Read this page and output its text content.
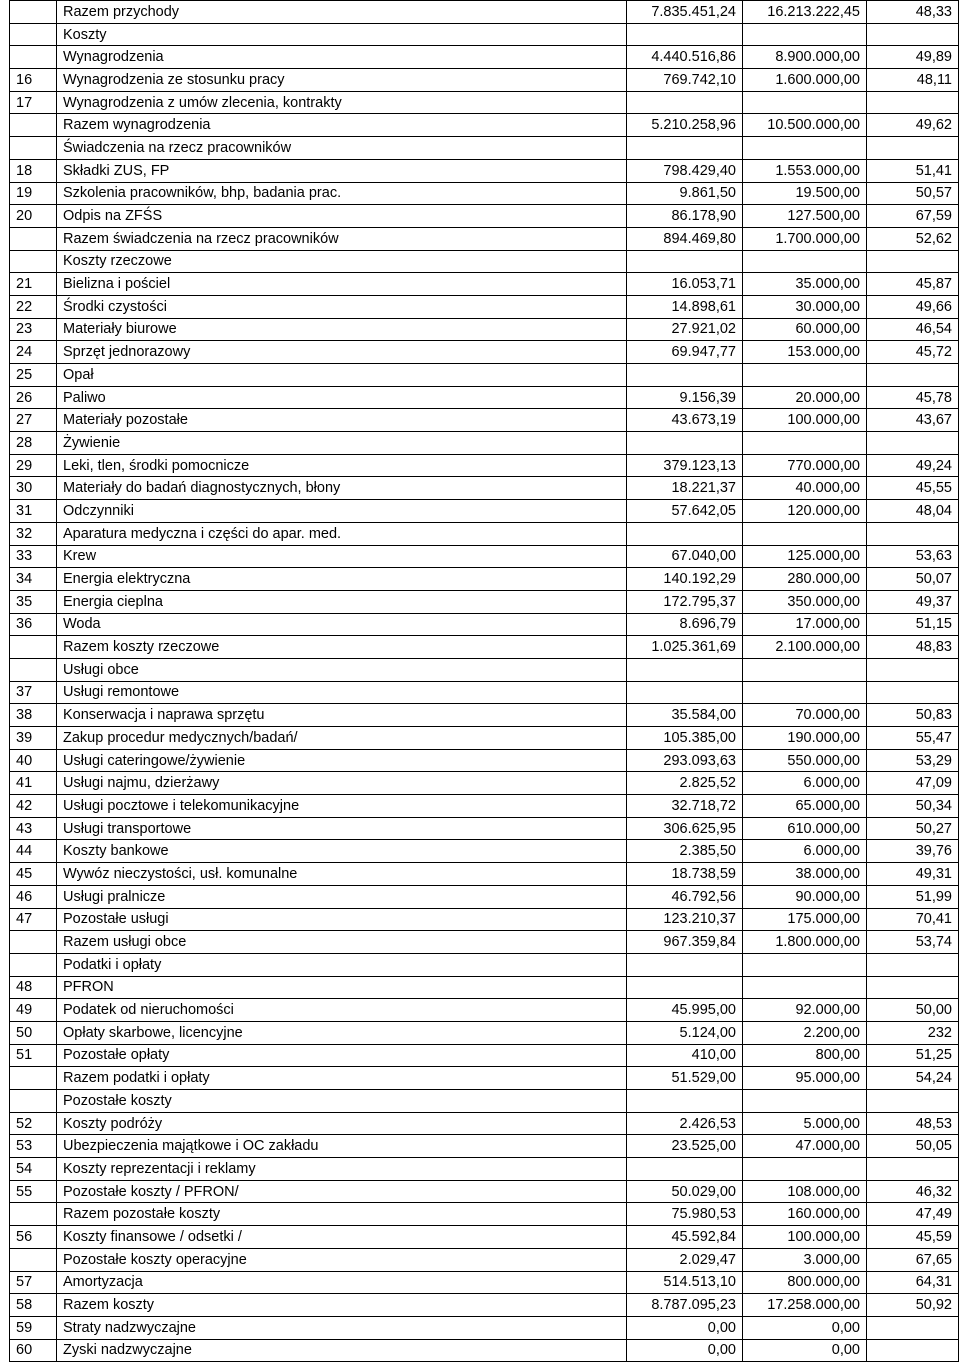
	Razem przychody	7.835.451,24	16.213.222,45	48,33
	Koszty			
	Wynagrodzenia	4.440.516,86	8.900.000,00	49,89
16	Wynagrodzenia ze stosunku pracy	769.742,10	1.600.000,00	48,11
17	Wynagrodzenia z umów zlecenia, kontrakty			
	Razem wynagrodzenia	5.210.258,96	10.500.000,00	49,62
	Świadczenia na rzecz pracowników			
18	Składki ZUS, FP	798.429,40	1.553.000,00	51,41
19	Szkolenia pracowników, bhp, badania prac.	9.861,50	19.500,00	50,57
20	Odpis na ZFŚS	86.178,90	127.500,00	67,59
	Razem świadczenia na rzecz pracowników	894.469,80	1.700.000,00	52,62
	Koszty rzeczowe			
21	Bielizna i pościel	16.053,71	35.000,00	45,87
22	Środki czystości	14.898,61	30.000,00	49,66
23	Materiały biurowe	27.921,02	60.000,00	46,54
24	Sprzęt jednorazowy	69.947,77	153.000,00	45,72
25	Opał			
26	Paliwo	9.156,39	20.000,00	45,78
27	Materiały pozostałe	43.673,19	100.000,00	43,67
28	Żywienie			
29	Leki, tlen, środki pomocnicze	379.123,13	770.000,00	49,24
30	Materiały do badań diagnostycznych, błony	18.221,37	40.000,00	45,55
31	Odczynniki	57.642,05	120.000,00	48,04
32	Aparatura medyczna i części do apar. med.			
33	Krew	67.040,00	125.000,00	53,63
34	Energia elektryczna	140.192,29	280.000,00	50,07
35	Energia cieplna	172.795,37	350.000,00	49,37
36	Woda	8.696,79	17.000,00	51,15
	Razem koszty rzeczowe	1.025.361,69	2.100.000,00	48,83
	Usługi obce			
37	Usługi remontowe			
38	Konserwacja i naprawa sprzętu	35.584,00	70.000,00	50,83
39	Zakup procedur medycznych/badań/	105.385,00	190.000,00	55,47
40	Usługi cateringowe/żywienie	293.093,63	550.000,00	53,29
41	Usługi najmu, dzierżawy	2.825,52	6.000,00	47,09
42	Usługi pocztowe i telekomunikacyjne	32.718,72	65.000,00	50,34
43	Usługi transportowe	306.625,95	610.000,00	50,27
44	Koszty bankowe	2.385,50	6.000,00	39,76
45	Wywóz nieczystości, usł. komunalne	18.738,59	38.000,00	49,31
46	Usługi pralnicze	46.792,56	90.000,00	51,99
47	Pozostałe usługi	123.210,37	175.000,00	70,41
	Razem usługi obce	967.359,84	1.800.000,00	53,74
	Podatki i opłaty			
48	PFRON			
49	Podatek od nieruchomości	45.995,00	92.000,00	50,00
50	Opłaty skarbowe, licencyjne	5.124,00	2.200,00	232
51	Pozostałe opłaty	410,00	800,00	51,25
	Razem podatki i opłaty	51.529,00	95.000,00	54,24
	Pozostałe koszty			
52	Koszty podróży	2.426,53	5.000,00	48,53
53	Ubezpieczenia majątkowe i OC zakładu	23.525,00	47.000,00	50,05
54	Koszty reprezentacji i reklamy			
55	Pozostałe koszty / PFRON/	50.029,00	108.000,00	46,32
	Razem pozostałe koszty	75.980,53	160.000,00	47,49
56	Koszty finansowe / odsetki /	45.592,84	100.000,00	45,59
	Pozostałe koszty operacyjne	2.029,47	3.000,00	67,65
57	Amortyzacja	514.513,10	800.000,00	64,31
58	Razem koszty	8.787.095,23	17.258.000,00	50,92
59	Straty nadzwyczajne	0,00	0,00	
60	Zyski nadzwyczajne	0,00	0,00	
